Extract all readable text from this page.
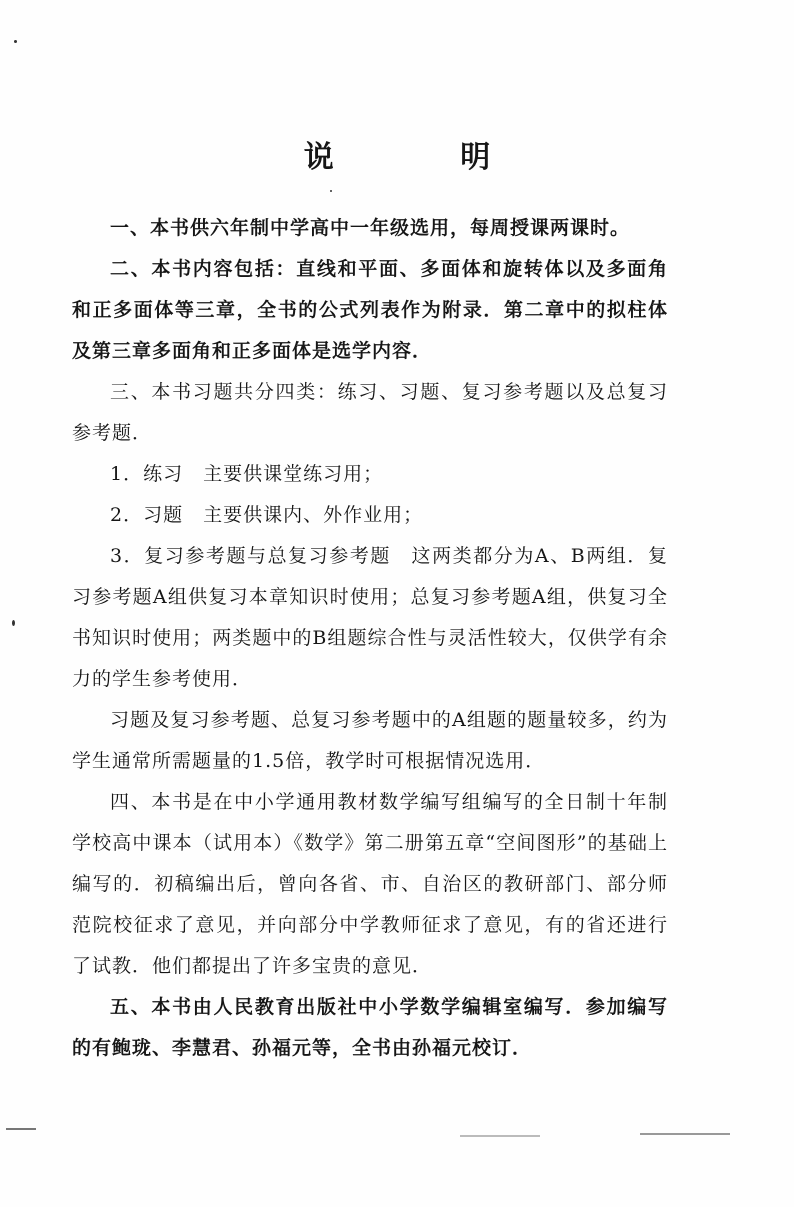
说 明

一、本书供六年制中学高中一年级选用，每周授课两课时。

二、本书内容包括：直线和平面、多面体和旋转体以及多面角和正多面体等三章，全书的公式列表作为附录．第二章中的拟柱体及第三章多面角和正多面体是选学内容．

三、本书习题共分四类：练习、习题、复习参考题以及总复习参考题．

1．练习　主要供课堂练习用；

2．习题　主要供课内、外作业用；

3．复习参考题与总复习参考题　这两类都分为A、B两组．复习参考题A组供复习本章知识时使用；总复习参考题A组，供复习全书知识时使用；两类题中的B组题综合性与灵活性较大，仅供学有余力的学生参考使用．

习题及复习参考题、总复习参考题中的A组题的题量较多，约为学生通常所需题量的1.5倍，教学时可根据情况选用．

四、本书是在中小学通用教材数学编写组编写的全日制十年制学校高中课本（试用本）《数学》第二册第五章“空间图形”的基础上编写的．初稿编出后，曾向各省、市、自治区的教研部门、部分师范院校征求了意见，并向部分中学教师征求了意见，有的省还进行了试教．他们都提出了许多宝贵的意见．

五、本书由人民教育出版社中小学数学编辑室编写．参加编写的有鲍珑、李慧君、孙福元等，全书由孙福元校订．
